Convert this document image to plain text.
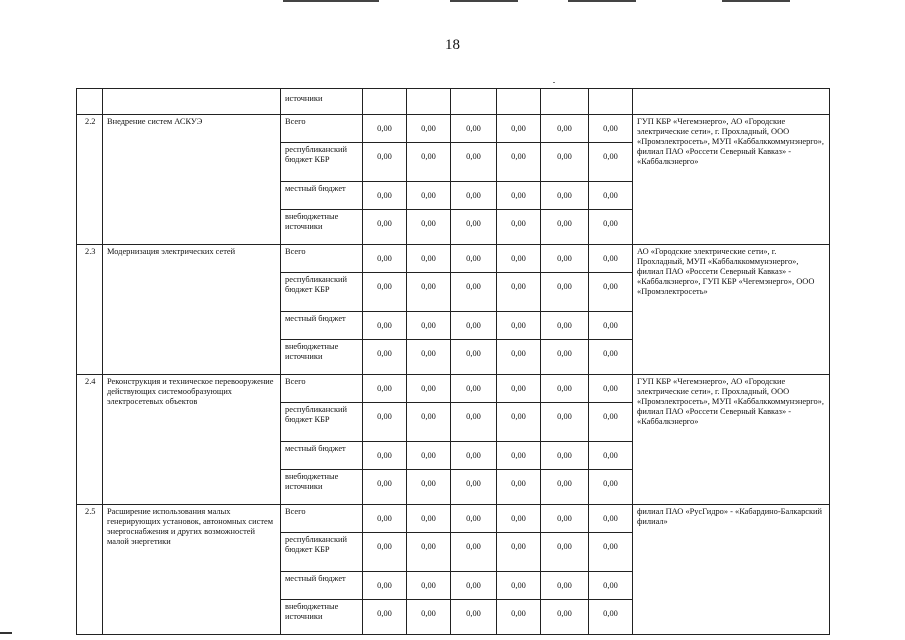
18
		источники							
2.2	Внедрение систем АСКУЭ	Всего	0,00	0,00	0,00	0,00	0,00	0,00	ГУП КБР «Чегемэнерго», АО «Городские электрические сети», г. Прохладный, ООО «Промэлектросеть», МУП «Каббалккоммунэнерго», филиал ПАО «Россети Северный Кавказ» - «Каббалкэнерго»
		республиканский бюджет КБР	0,00	0,00	0,00	0,00	0,00	0,00	
		местный бюджет	0,00	0,00	0,00	0,00	0,00	0,00	
		внебюджетные источники	0,00	0,00	0,00	0,00	0,00	0,00	
2.3	Модернизация электрических сетей	Всего	0,00	0,00	0,00	0,00	0,00	0,00	АО «Городские электрические сети», г. Прохладный, МУП «Каббалккоммунэнерго», филиал ПАО «Россети Северный Кавказ» - «Каббалкэнерго», ГУП КБР «Чегемэнерго», ООО «Промэлектросеть»
		республиканский бюджет КБР	0,00	0,00	0,00	0,00	0,00	0,00	
		местный бюджет	0,00	0,00	0,00	0,00	0,00	0,00	
		внебюджетные источники	0,00	0,00	0,00	0,00	0,00	0,00	
2.4	Реконструкция и техническое перевооружение действующих системообразующих электросетевых объектов	Всего	0,00	0,00	0,00	0,00	0,00	0,00	ГУП КБР «Чегемэнерго», АО «Городские электрические сети», г. Прохладный, ООО «Промэлектросеть», МУП «Каббалккоммунэнерго», филиал ПАО «Россети Северный Кавказ» - «Каббалкэнерго»
		республиканский бюджет КБР	0,00	0,00	0,00	0,00	0,00	0,00	
		местный бюджет	0,00	0,00	0,00	0,00	0,00	0,00	
		внебюджетные источники	0,00	0,00	0,00	0,00	0,00	0,00	
2.5	Расширение использования малых генерирующих установок, автономных систем энергоснабжения и других возможностей малой энергетики	Всего	0,00	0,00	0,00	0,00	0,00	0,00	филиал ПАО «РусГидро» - «Кабардино-Балкарский филиал»
		республиканский бюджет КБР	0,00	0,00	0,00	0,00	0,00	0,00	
		местный бюджет	0,00	0,00	0,00	0,00	0,00	0,00	
		внебюджетные источники	0,00	0,00	0,00	0,00	0,00	0,00	
